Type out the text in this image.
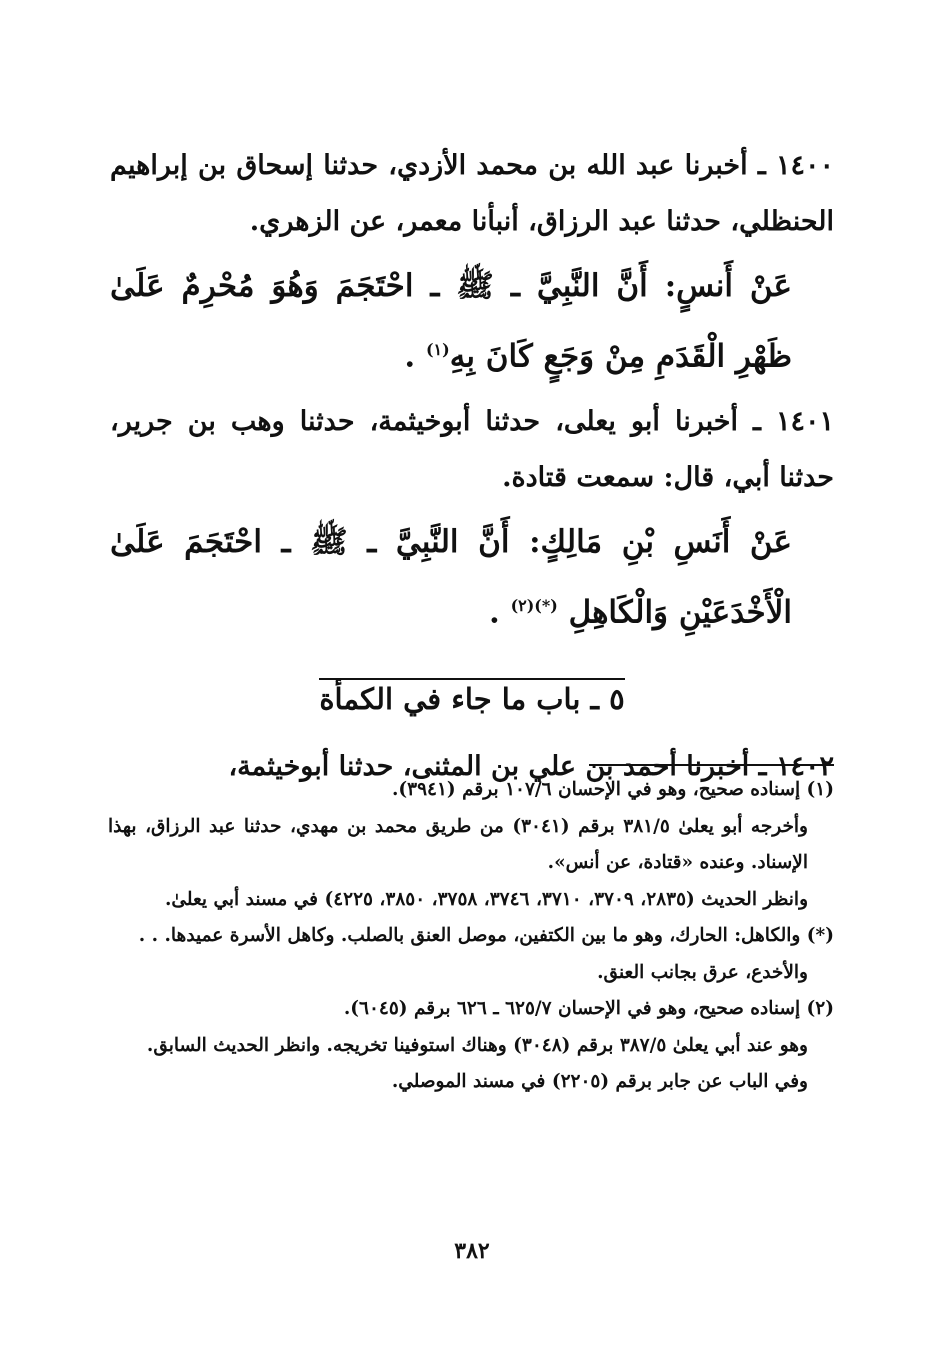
١٤٠٠ ـ أخبرنا عبد الله بن محمد الأزدي، حدثنا إسحاق بن إبراهيم الحنظلي، حدثنا عبد الرزاق، أنبأنا معمر، عن الزهري.

عَنْ أَنسٍ: أَنَّ النَّبِيَّ ـ ﷺ ـ احْتَجَمَ وَهُوَ مُحْرِمٌ عَلَىٰ ظَهْرِ الْقَدَمِ مِنْ وَجَعٍ كَانَ بِهِ$^{(١)}$ .

١٤٠١ ـ أخبرنا أبو يعلى، حدثنا أبوخيثمة، حدثنا وهب بن جرير، حدثنا أبي، قال: سمعت قتادة.

عَنْ أَنَسِ بْنِ مَالِكٍ: أَنَّ النَّبِيَّ ـ ﷺ ـ احْتَجَمَ عَلَىٰ الْأَخْدَعَيْنِ وَالْكَاهِلِ $^{(*)(٢)}$ .

٥ ـ باب ما جاء في الكمأة

١٤٠٢ ـ أخبرنا أحمد بن علي بن المثنى، حدثنا أبوخيثمة،

(١) إسناده صحيح، وهو في الإحسان ١٠٧/٦ برقم (٣٩٤١).

وأخرجه أبو يعلىٰ ٣٨١/٥ برقم (٣٠٤١) من طريق محمد بن مهدي، حدثنا عبد الرزاق، بهذا الإسناد. وعنده «قتادة، عن أنس».

وانظر الحديث (٢٨٣٥، ٣٧٠٩، ٣٧١٠، ٣٧٤٦، ٣٧٥٨، ٣٨٥٠، ٤٢٢٥) في مسند أبي يعلىٰ.

(*) والكاهل: الحارك، وهو ما بين الكتفين، موصل العنق بالصلب. وكاهل الأسرة عميدها. . .

والأخدع، عرق بجانب العنق.

(٢) إسناده صحيح، وهو في الإحسان ٦٢٥/٧ ـ ٦٢٦ برقم (٦٠٤٥).

وهو عند أبي يعلىٰ ٣٨٧/٥ برقم (٣٠٤٨) وهناك استوفينا تخريجه. وانظر الحديث السابق.

وفي الباب عن جابر برقم (٢٢٠٥) في مسند الموصلي.

٣٨٢
